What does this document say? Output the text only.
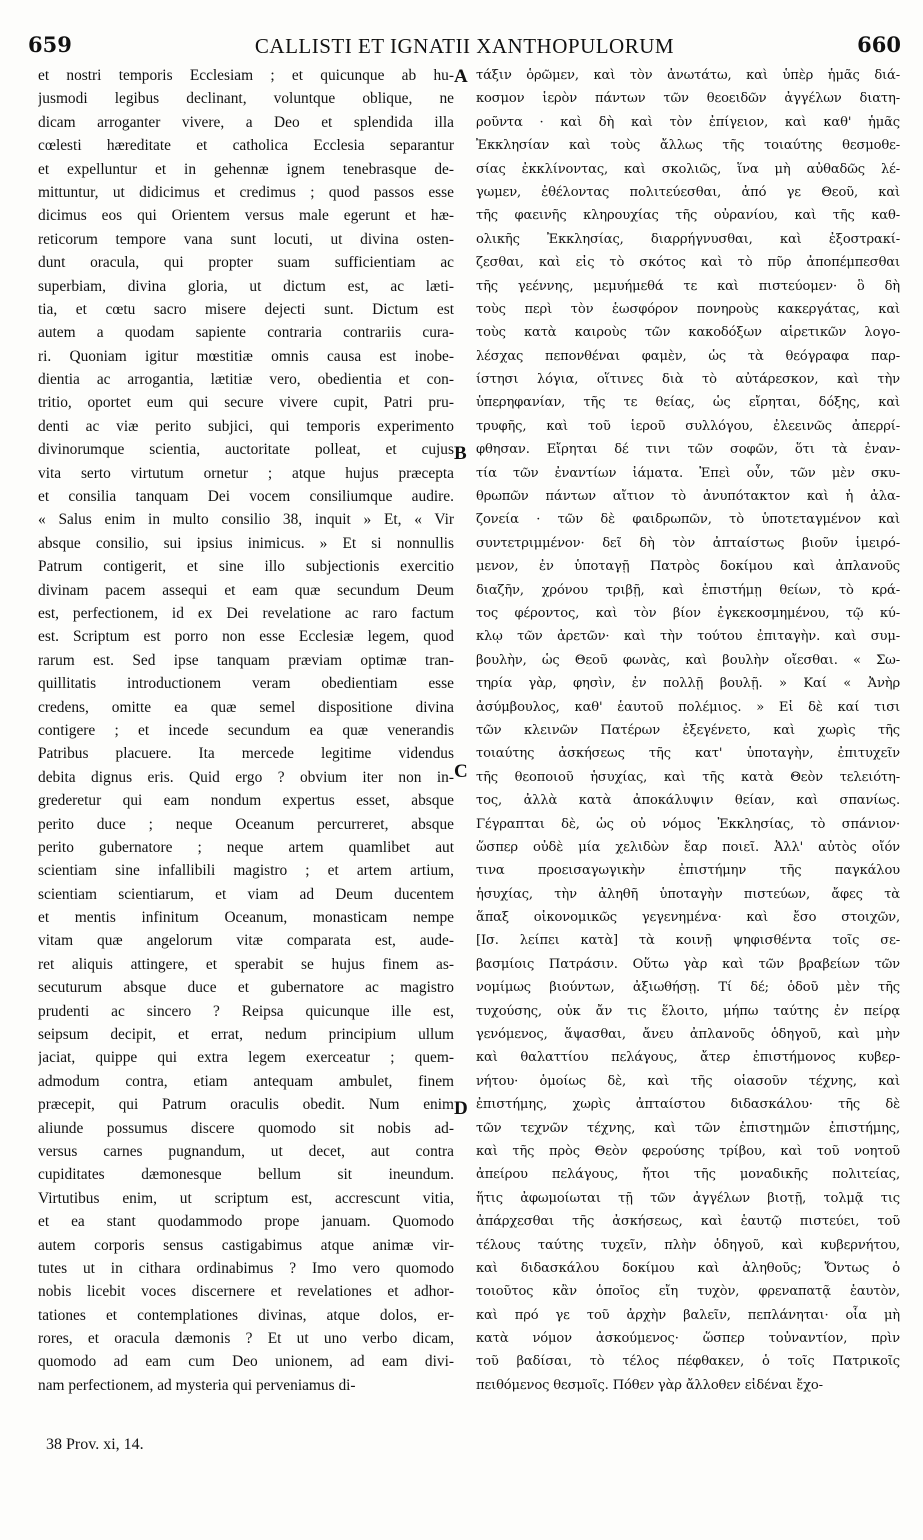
659	CALLISTI ET IGNATII XANTHOPULORUM	660
et nostri temporis Ecclesiam ; et quicunque ab hu-
jusmodi legibus declinant, voluntque oblique, ne
dicam arroganter vivere, a Deo et splendida illa
cœlesti hæreditate et catholica Ecclesia separantur
et expelluntur et in gehennæ ignem tenebrasque de-
mittuntur, ut didicimus et credimus ; quod passos esse
dicimus eos qui Orientem versus male egerunt et hæ-
reticorum tempore vana sunt locuti, ut divina osten-
dunt oracula, qui propter suam sufficientiam ac
superbiam, divina gloria, ut dictum est, ac læti-
tia, et cœtu sacro misere dejecti sunt. Dictum est
autem a quodam sapiente contraria contrariis cura-
ri. Quoniam igitur mœstitiæ omnis causa est inobe-
dientia ac arrogantia, lætitiæ vero, obedientia et con-
tritio, oportet eum qui secure vivere cupit, Patri pru-
denti ac viæ perito subjici, qui temporis experimento
divinorumque scientia, auctoritate polleat, et cujus
vita serto virtutum ornetur ; atque hujus præcepta
et consilia tanquam Dei vocem consiliumque audire.
« Salus enim in multo consilio 38, inquit » Et, « Vir
absque consilio, sui ipsius inimicus. » Et si nonnullis
Patrum contigerit, et sine illo subjectionis exercitio
divinam pacem assequi et eam quæ secundum Deum
est, perfectionem, id ex Dei revelatione ac raro factum
est. Scriptum est porro non esse Ecclesiæ legem, quod
rarum est. Sed ipse tanquam præviam optimæ tran-
quillitatis introductionem veram obedientiam esse
credens, omitte ea quæ semel dispositione divina
contigere ; et incede secundum ea quæ venerandis
Patribus placuere. Ita mercede legitime videndus
debita dignus eris. Quid ergo ? obvium iter non in-
grederetur qui eam nondum expertus esset, absque
perito duce ; neque Oceanum percurreret, absque
perito gubernatore ; neque artem quamlibet aut
scientiam sine infallibili magistro ; et artem artium,
scientiam scientiarum, et viam ad Deum ducentem
et mentis infinitum Oceanum, monasticam nempe
vitam quæ angelorum vitæ comparata est, aude-
ret aliquis attingere, et sperabit se hujus finem as-
secuturum absque duce et gubernatore ac magistro
prudenti ac sincero ? Reipsa quicunque ille est,
seipsum decipit, et errat, nedum principium ullum
jaciat, quippe qui extra legem exerceatur ; quem-
admodum contra, etiam antequam ambulet, finem
præcepit, qui Patrum oraculis obedit. Num enim
aliunde possumus discere quomodo sit nobis ad-
versus carnes pugnandum, ut decet, aut contra
cupiditates dæmonesque bellum sit ineundum.
Virtutibus enim, ut scriptum est, accrescunt vitia,
et ea stant quodammodo prope januam. Quomodo
autem corporis sensus castigabimus atque animæ vir-
tutes ut in cithara ordinabimus ? Imo vero quomodo
nobis licebit voces discernere et revelationes et adhor-
tationes et contemplationes divinas, atque dolos, er-
rores, et oracula dæmonis ? Et ut uno verbo dicam,
quomodo ad eam cum Deo unionem, ad eam divi-
nam perfectionem, ad mysteria qui perveniamus di-
τάξιν ὁρῶμεν, καὶ τὸν ἀνωτάτω, καὶ ὑπὲρ ἡμᾶς διά-
κοσμον ἱερὸν πάντων τῶν θεοειδῶν ἀγγέλων διατη-
ροῦντα · καὶ δὴ καὶ τὸν ἐπίγειον, καὶ καθ' ἡμᾶς
Ἐκκλησίαν καὶ τοὺς ἄλλως τῆς τοιαύτης θεσμοθε-
σίας ἐκκλίνοντας, καὶ σκολιῶς, ἵνα μὴ αὐθαδῶς λέ-
γωμεν, ἐθέλοντας πολιτεύεσθαι, ἀπό γε Θεοῦ, καὶ
τῆς φαεινῆς κληρουχίας τῆς οὐρανίου, καὶ τῆς καθ-
ολικῆς Ἐκκλησίας, διαρρήγνυσθαι, καὶ ἐξοστρακί-
ζεσθαι, καὶ εἰς τὸ σκότος καὶ τὸ πῦρ ἀποπέμπεσθαι
τῆς γεέννης, μεμυήμεθά τε καὶ πιστεύομεν· ὃ δὴ
τοὺς περὶ τὸν ἑωσφόρον πονηροὺς κακεργάτας, καὶ
τοὺς κατὰ καιροὺς τῶν κακοδόξων αἱρετικῶν λογο-
λέσχας πεπονθέναι φαμὲν, ὡς τὰ θεόγραφα παρ-
ίστησι λόγια, οἵτινες διὰ τὸ αὐτάρεσκον, καὶ τὴν
ὑπερηφανίαν, τῆς τε θείας, ὡς εἴρηται, δόξης, καὶ
τρυφῆς, καὶ τοῦ ἱεροῦ συλλόγου, ἐλεεινῶς ἀπερρί-
φθησαν. Εἴρηται δέ τινι τῶν σοφῶν, ὅτι τὰ ἐναν-
τία τῶν ἐναντίων ἰάματα. Ἐπεὶ οὖν, τῶν μὲν σκυ-
θρωπῶν πάντων αἴτιον τὸ ἀνυπότακτον καὶ ἡ ἀλα-
ζονεία · τῶν δὲ φαιδρωπῶν, τὸ ὑποτεταγμένον καὶ
συντετριμμένον· δεῖ δὴ τὸν ἀπταίστως βιοῦν ἱμειρό-
μενον, ἐν ὑποταγῇ Πατρὸς δοκίμου καὶ ἀπλανοῦς
διαζῆν, χρόνου τριβῇ, καὶ ἐπιστήμῃ θείων, τὸ κρά-
τος φέροντος, καὶ τὸν βίον ἐγκεκοσμημένου, τῷ κύ-
κλῳ τῶν ἀρετῶν· καὶ τὴν τούτου ἐπιταγὴν. καὶ συμ-
βουλὴν, ὡς Θεοῦ φωνὰς, καὶ βουλὴν οἴεσθαι. « Σω-
τηρία γὰρ, φησὶν, ἐν πολλῇ βουλῇ. » Καί « Ἀνὴρ
ἀσύμβουλος, καθ' ἑαυτοῦ πολέμιος. » Εἰ δὲ καί τισι
τῶν κλεινῶν Πατέρων ἐξεγένετο, καὶ χωρὶς τῆς
τοιαύτης ἀσκήσεως τῆς κατ' ὑποταγὴν, ἐπιτυχεῖν
τῆς θεοποιοῦ ἡσυχίας, καὶ τῆς κατὰ Θεὸν τελειότη-
τος, ἀλλὰ κατὰ ἀποκάλυψιν θείαν, καὶ σπανίως.
Γέγραπται δὲ, ὡς οὐ νόμος Ἐκκλησίας, τὸ σπάνιον·
ὥσπερ οὐδὲ μία χελιδὼν ἔαρ ποιεῖ. Ἀλλ' αὐτὸς οἴόν
τινα προεισαγωγικὴν ἐπιστήμην τῆς παγκάλου
ἡσυχίας, τὴν ἀληθῆ ὑποταγὴν πιστεύων, ἄφες τὰ
ἅπαξ οἰκονομικῶς γεγενημένα· καὶ ἔσο στοιχῶν,
[Ισ. λείπει κατὰ] τὰ κοινῇ ψηφισθέντα τοῖς σε-
βασμίοις Πατράσιν. Οὕτω γὰρ καὶ τῶν βραβείων τῶν
νομίμως βιούντων, ἀξιωθήσῃ. Τί δέ; ὁδοῦ μὲν τῆς
τυχούσης, οὐκ ἄν τις ἕλοιτο, μήπω ταύτης ἐν πείρᾳ
γενόμενος, ἅψασθαι, ἄνευ ἀπλανοῦς ὁδηγοῦ, καὶ μὴν
καὶ θαλαττίου πελάγους, ἄτερ ἐπιστήμονος κυβερ-
νήτου· ὁμοίως δὲ, καὶ τῆς οἱασοῦν τέχνης, καὶ
ἐπιστήμης, χωρὶς ἀπταίστου διδασκάλου· τῆς δὲ
τῶν τεχνῶν τέχνης, καὶ τῶν ἐπιστημῶν ἐπιστήμης,
καὶ τῆς πρὸς Θεὸν φερούσης τρίβου, καὶ τοῦ νοητοῦ
ἀπείρου πελάγους, ἤτοι τῆς μοναδικῆς πολιτείας,
ἥτις ἀφωμοίωται τῇ τῶν ἀγγέλων βιοτῇ, τολμᾷ τις
ἀπάρχεσθαι τῆς ἀσκήσεως, καὶ ἑαυτῷ πιστεύει, τοῦ
τέλους ταύτης τυχεῖν, πλὴν ὁδηγοῦ, καὶ κυβερνήτου,
καὶ διδασκάλου δοκίμου καὶ ἀληθοῦς; Ὄντως ὁ
τοιοῦτος κἂν ὁποῖος εἴη τυχὸν, φρεναπατᾷ ἑαυτὸν,
καὶ πρό γε τοῦ ἀρχὴν βαλεῖν, πεπλάνηται· οἷα μὴ
κατὰ νόμον ἀσκούμενος· ὥσπερ τοὐναντίον, πρὶν
τοῦ βαδίσαι, τὸ τέλος πέφθακεν, ὁ τοῖς Πατρικοῖς
πειθόμενος θεσμοῖς. Πόθεν γὰρ ἄλλοθεν εἰδέναι ἔχο-
A
B
C
D
38 Prov. xi, 14.
